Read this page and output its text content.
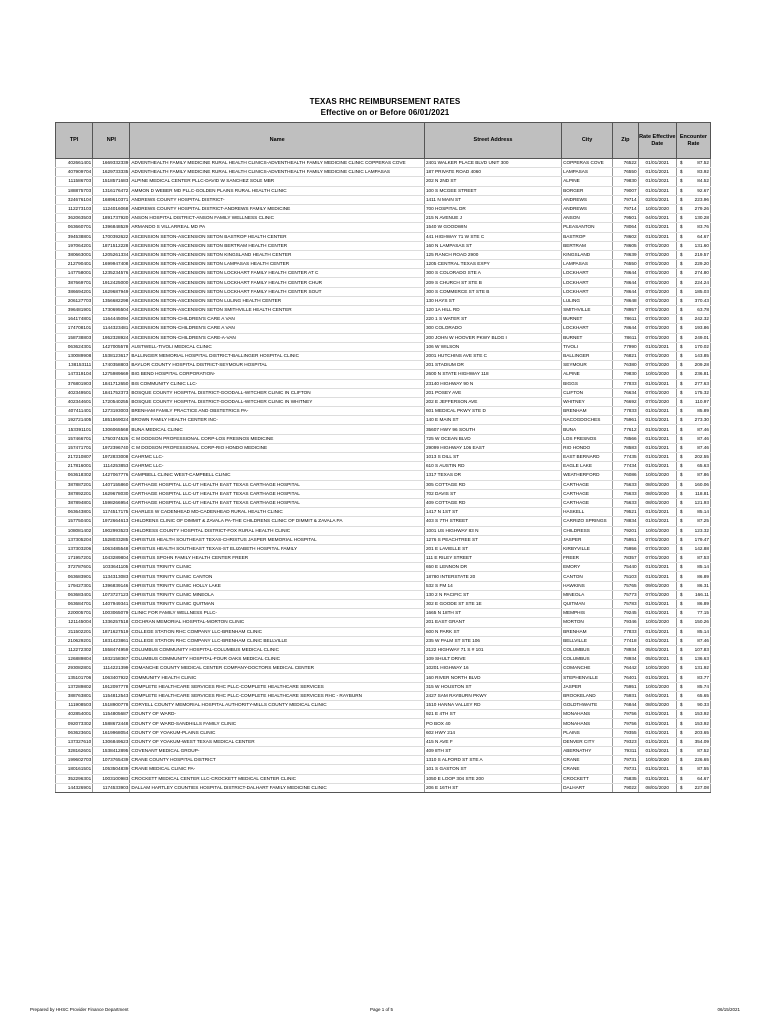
TEXAS RHC REIMBURSEMENT RATES
Effective on or Before 06/01/2021
TPI	NPI	Name	Street Address	City	Zip	Rate Effective Date	Encounter Rate
402661401	1669332339	ADVENTHEALTH FAMILY MEDICINE RURAL HEALTH CLINICS-ADVENTHEALTH FAMILY MEDICINE CLINIC COPPERAS COVE	2401 WALKER PLACE BLVD UNIT 300	COPPERAS COVE	76522	01/01/2021	$ 87.52
407909704	1629733335	ADVENTHEALTH FAMILY MEDICINE RURAL HEALTH CLINICS-ADVENTHEALTH FAMILY MEDICINE CLINIC LAMPASAS	187 PRIVATE ROAD 4060	LAMPASAS	76550	01/01/2021	$ 83.92
111586703	1518571683	ALPINE MEDICAL CENTER PLLC-DAVID W SANCHEZ SOLE MBR	202 N 2ND ST	ALPINE	79830	01/01/2021	$ 84.52
188875703	1316176472	AMMON D WEBER MD PLLC-GOLDEN PLAINS RURAL HEALTH CLINIC	100 S MCGEE STREET	BORGER	79007	01/01/2021	$ 92.67
324676104	1689610371	ANDREWS COUNTY HOSPITAL DISTRICT-	1411 N MAIN ST	ANDREWS	79714	02/01/2021	$ 223.96
112273103	1124016068	ANDREWS COUNTY HOSPITAL DISTRICT-ANDREWS FAMILY MEDICINE	700 HOSPITAL DR	ANDREWS	79714	10/01/2020	$ 279.26
362063503	1891737920	ANSON HOSPITAL DISTRICT-ANSON FAMILY WELLNESS CLINIC	215 N AVENUE J	ANSON	79501	04/01/2021	$ 130.28
063660701	1396848529	ARMANDO S VILLARREAL MD PA	1540 W GOODWIN	PLEASANTON	78064	01/01/2021	$ 83.76
394538801	1700392622	ASCENSION SETON-ASCENSION SETON BASTROP HEALTH CENTER	441 HIGHWAY 71 W STE C	BASTROP	78602	01/01/2021	$ 64.67
197064201	1871512228	ASCENSION SETON-ASCENSION SETON BERTRAM HEALTH CENTER	160 N LAMPASAS ST	BERTRAM	78605	07/01/2020	$ 131.60
380663001	1205261334	ASCENSION SETON-ASCENSION SETON KINGSLAND HEALTH CENTER	125 RANCH ROAD 2900	KINGSLAND	78639	07/01/2020	$ 219.57
212790401	1699947408	ASCENSION SETON-ASCENSION SETON LAMPASAS HEALTH CENTER	1205 CENTRAL TEXAS EXPY	LAMPASAS	76550	07/01/2020	$ 229.20
147758001	1235234576	ASCENSION SETON-ASCENSION SETON LOCKHART FAMILY HEALTH CENTER AT C	300 S COLORADO STE A	LOCKHART	78644	07/01/2020	$ 274.80
387669701	1912425000	ASCENSION SETON-ASCENSION SETON LOCKHART FAMILY HEALTH CENTER CHUR	209 S CHURCH ST STE B	LOCKHART	78644	07/01/2020	$ 224.24
386694201	1629687949	ASCENSION SETON-ASCENSION SETON LOCKHART FAMILY HEALTH CENTER SOUT	300 S COMMERCE ST STE B	LOCKHART	78644	07/01/2020	$ 185.03
206127703	1356682298	ASCENSION SETON-ASCENSION SETON LULING HEALTH CENTER	130 HAYS ST	LULING	78648	07/01/2020	$ 370.43
396481901	1730695504	ASCENSION SETON-ASCENSION SETON SMITHVILLE HEALTH CENTER	120 1A HILL RD	SMITHVILLE	78957	07/01/2020	$ 63.78
164174801	1164445094	ASCENSION SETON-CHILDREN'S CARE A VAN	220 1 S WATER ST	BURNET	78611	07/01/2020	$ 242.32
174708101	1144323481	ASCENSION SETON-CHILDREN'S CARE A VAN	300 COLORADO	LOCKHART	78644	07/01/2020	$ 193.86
158738803	1952328924	ASCENSION SETON-CHILDREN'S CARE-A-VAN	200 JOHN W HOOVER PKWY BLDG I	BURNET	78611	07/01/2020	$ 249.01
063624301	1427005578	AUSTWELL-TIVOLI MEDICAL CLINIC	106 W WILSON	TIVOLI	77990	01/01/2021	$ 170.02
130089908	1538123617	BALLINGER MEMORIAL HOSPITAL DISTRICT-BALLINGER HOSPITAL CLINIC	2001 HUTCHINS AVE STE C	BALLINGER	76821	07/01/2020	$ 143.85
138153111	1740358803	BAYLOR COUNTY HOSPITAL DISTRICT-SEYMOUR HOSPITAL	201 STADIUM DR	SEYMOUR	76380	07/01/2020	$ 209.28
147319104	1275989669	BIG BEND HOSPITAL CORPORATION-	2600 N STATE HIGHWAY 118	ALPINE	79830	10/01/2020	$ 236.81
376801903	1841712650	BIS COMMUNITY CLINIC LLC-	23140 HIGHWAY 90 N	BIGGS	77833	01/01/2021	$ 277.63
402349501	1841752373	BOSQUE COUNTY HOSPITAL DISTRICT-GOODALL-WITCHER CLINIC IN CLIFTON	201 POSEY AVE	CLIFTON	76634	07/01/2020	$ 175.32
402344601	1720540255	BOSQUE COUNTY HOSPITAL DISTRICT-GOODALL-WITCHER CLINIC IN WHITNEY	202 E JEFFERSON AVE	WHITNEY	76692	07/01/2020	$ 110.97
407411401	1273193003	BRENHAM FAMILY PRACTICE AND OBSTETRICS PA-	601 MEDICAL PKWY STE D	BRENHAM	77833	01/01/2021	$ 85.89
192721405	1851569024	BROWN FAMILY HEALTH CENTER INC-	140 E MAIN ST	NACOGDOCHES	75961	01/01/2021	$ 273.30
153391101	1306065568	BUNA MEDICAL CLINIC	35607 HWY 96 SOUTH	BUNA	77612	01/01/2021	$ 87.46
157466701	1750374526	C M DODSON PROFESSIONAL CORP-LOS FRESNOS MEDICINE	725 W OCEAN BLVD	LOS FRESNOS	78566	01/01/2021	$ 87.46
157471701	1972396740	C M DODSON PROFESSIONAL CORP-RIO HONDO MEDICINE	29099 HIGHWAY 106 EAST	RIO HONDO	78583	01/01/2021	$ 87.46
217210807	1972833008	CAHRMC LLC-	1013 S DILL ST	EAST BERNARD	77435	01/01/2021	$ 202.55
217816001	1114253853	CAHRMC LLC-	610 S AUSTIN RD	EAGLE LAKE	77434	01/01/2021	$ 65.63
063618302	1427067776	CAMPBELL CLINIC WEST-CAMPBELL CLINIC	1317 TEXAS DR	WEATHERFORD	76086	10/01/2020	$ 87.86
387887201	1407155860	CARTHAGE HOSPITAL LLC-UT HEALTH EAST TEXAS CARTHAGE HOSPITAL	305 COTTAGE RD	CARTHAGE	75633	08/01/2020	$ 160.06
387892201	1629678030	CARTHAGE HOSPITAL LLC-UT HEALTH EAST TEXAS CARTHAGE HOSPITAL	702 DAVIS ST	CARTHAGE	75633	08/01/2020	$ 118.81
387894801	1598266954	CARTHAGE HOSPITAL LLC-UT HEALTH EAST TEXAS CARTHAGE HOSPITAL	409 COTTAGE RD	CARTHAGE	75633	08/01/2020	$ 121.93
063643801	1174517175	CHARLES W CADENHEAD MD-CADENHEAD RURAL HEALTH CLINIC	1417 N 1ST ST	HASKELL	79521	01/01/2021	$ 85.14
157750401	1972664613	CHILDRENS CLINIC OF DIMMIT & ZAVALA PA-THE CHILDRENS CLINIC OF DIMMIT & ZAVALA PA	403 S 7TH STREET	CARRIZO SPRINGS	78834	01/01/2021	$ 87.25
108081402	1902993523	CHILDRESS COUNTY HOSPITAL DISTRICT-FOX RURAL HEALTH CLINIC	1001 US HIGHWAY 83 N	CHILDRESS	79201	10/01/2020	$ 123.32
137305204	1528033285	CHRISTUS HEALTH SOUTHEAST TEXAS-CHRISTUS JASPER MEMORIAL HOSPITAL	1276 S PEACHTREE ST	JASPER	75951	07/01/2020	$ 179.47
137303206	1063485548	CHRISTUS HEALTH SOUTHEAST TEXAS-ST ELIZABETH HOSPITAL FAMILY	201 E LAVIELLE ST	KIRBYVILLE	75956	07/01/2020	$ 142.88
171957201	1043289804	CHRISTUS SPOHN FAMILY HEALTH CENTER FREER	111 E RILEY STREET	FREER	78357	07/01/2020	$ 87.53
372787601	1033641105	CHRISTUS TRINITY CLINIC	650 E LENNON DR	EMORY	75440	01/01/2021	$ 85.14
063683901	1134313083	CHRISTUS TRINITY CLINIC CANTON	18780 INTERSTATE 20	CANTON	75103	01/01/2021	$ 86.89
179427301	1396839146	CHRISTUS TRINITY CLINIC HOLLY LAKE	532 S FM 14	HAWKINS	75765	09/01/2020	$ 86.31
063683401	1073727123	CHRISTUS TRINITY CLINIC MINEOLA	130 2 N PACIFIC ST	MINEOLA	75773	07/01/2020	$ 166.11
063684701	1407949341	CHRISTUS TRINITY CLINIC QUITMAN	302 E GOODE ST STE 1E	QUITMAN	75783	01/01/2021	$ 86.89
220005701	1003065079	CLINIC FOR FAMILY WELLNESS PLLC-	1665 N 18TH ST	MEMPHIS	79245	01/01/2021	$ 77.15
121145004	1336257518	COCHRAN MEMORIAL HOSPITAL-MORTON CLINIC	201 EAST GRANT	MORTON	79346	10/01/2020	$ 150.26
211502201	1871627519	COLLEGE STATION RHC COMPANY LLC-BRENHAM CLINIC	600 N PARK ST	BRENHAM	77833	01/01/2021	$ 85.14
210629201	1831423861	COLLEGE STATION RHC COMPANY LLC-BRENHAM CLINIC BELLVILLE	235 W PALM ST STE 106	BELLVILLE	77418	01/01/2021	$ 87.46
112272302	1558474959	COLUMBUS COMMUNITY HOSPITAL-COLUMBUS MEDICAL CLINIC	2122 HIGHWAY 71 S # 101	COLUMBUS	78934	05/01/2021	$ 107.83
126889804	1932158367	COLUMBUS COMMUNITY HOSPITAL-FOUR OAKS MEDICAL CLINIC	109 SHULT DRIVE	COLUMBUS	78934	05/01/2021	$ 136.63
293082801	1114221399	COMANCHE COUNTY MEDICAL CENTER COMPANY-DOCTORS MEDICAL CENTER	10201 HIGHWAY 16	COMANCHE	76442	10/01/2020	$ 131.92
135101706	1063407922	COMMUNITY HEALTH CLINIC	160 RIVER NORTH BLVD	STEPHENVILLE	76401	01/01/2021	$ 83.77
137289802	1912097778	COMPLETE HEALTHCARE SERVICES RHC PLLC-COMPLETE HEALTHCARE SERVICES	315 W HOUSTON ST	JASPER	75951	10/01/2020	$ 85.74
388763801	1154812543	COMPLETE HEALTHCARE SERVICES RHC PLLC-COMPLETE HEALTHCARE SERVICES RHC - RAYBURN	2427 SAM RAYBURN PKWY	BROOKELAND	75931	04/01/2021	$ 65.65
111908503	1518900778	CORYELL COUNTY MEMORIAL HOSPITAL AUTHORITY-MILLS COUNTY MEDICAL CLINIC	1510 HANNA VALLEY RD	GOLDTHWAITE	76844	08/01/2020	$ 90.33
402854001	1154805687	COUNTY OF WARD-	921 E 4TH ST	MONAHANS	79756	01/01/2021	$ 153.92
092073302	1588672448	COUNTY OF WARD-SANDHILLS FAMILY CLINIC	PO BOX 40	MONAHANS	79756	01/01/2021	$ 153.92
063623601	1619968054	COUNTY OF YOAKUM-PLAINS CLINIC	602 HWY 214	PLAINS	79355	01/01/2021	$ 203.65
137327610	1306849623	COUNTY OF YOAKUM-WEST TEXAS MEDICAL CENTER	415 N AVE F	DENVER CITY	79323	01/01/2021	$ 354.09
328162601	1538412895	COVENANT MEDICAL GROUP-	409 8TH ST	ABERNATHY	79311	01/01/2021	$ 87.52
199602703	1073765439	CRANE COUNTY HOSPITAL DISTRICT	1310 S ALFORD ST STE A	CRANE	79731	10/01/2020	$ 226.65
180161501	1053504839	CRANE MEDICAL CLINIC PA-	101 S GASTON ST	CRANE	79731	01/01/2021	$ 87.55
352296301	1003100983	CROCKETT MEDICAL CENTER LLC-CROCKETT MEDICAL CENTER CLINIC	1050 E LOOP 304 STE 200	CROCKETT	75835	01/01/2021	$ 64.67
144326901	1174533903	DALLAM HARTLEY COUNTIES HOSPITAL DISTRICT-DALHART FAMILY MEDICINE CLINIC	206 E 16TH ST	DALHART	79022	08/01/2020	$ 227.08
Prepared by HHSC Provider Finance Department	Page 1 of 5	06/15/2021
